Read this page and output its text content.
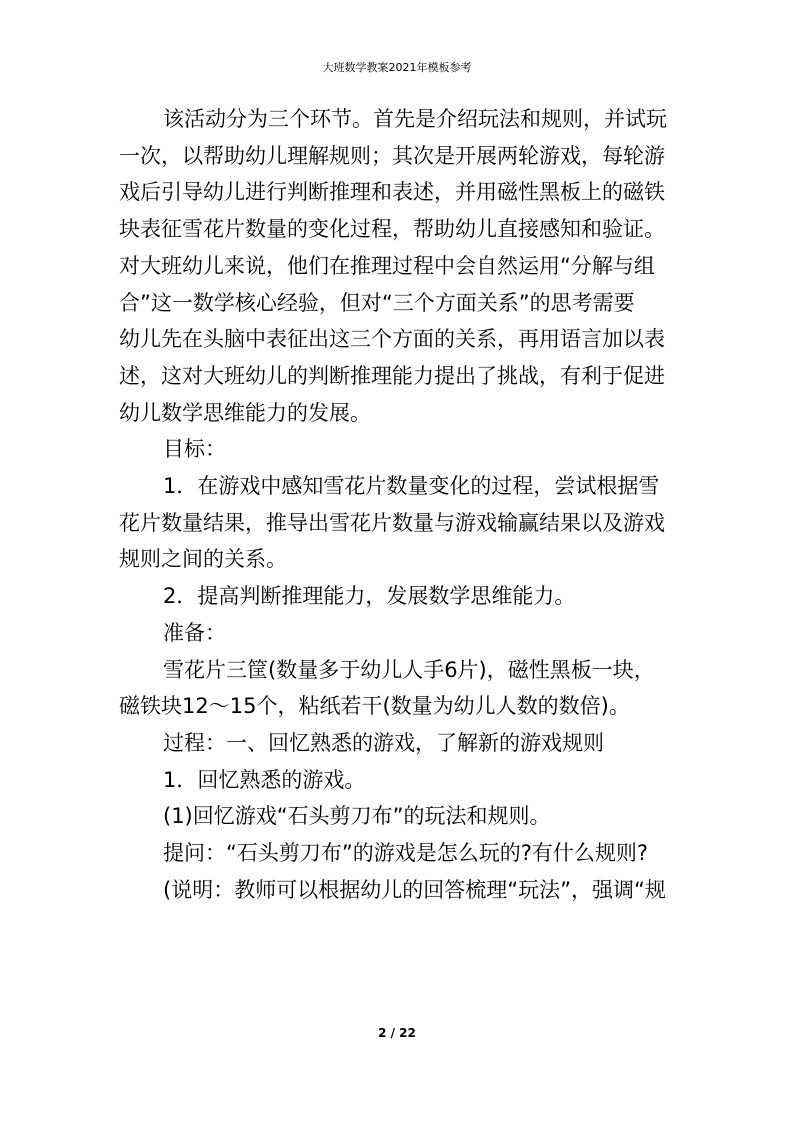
大班数学教案2021年模板参考

该活动分为三个环节。首先是介绍玩法和规则，并试玩
一次，以帮助幼儿理解规则；其次是开展两轮游戏，每轮游
戏后引导幼儿进行判断推理和表述，并用磁性黑板上的磁铁
块表征雪花片数量的变化过程，帮助幼儿直接感知和验证。
对大班幼儿来说，他们在推理过程中会自然运用“分解与组
合”这一数学核心经验，但对“三个方面关系”的思考需要
幼儿先在头脑中表征出这三个方面的关系，再用语言加以表
述，这对大班幼儿的判断推理能力提出了挑战，有利于促进
幼儿数学思维能力的发展。

目标：

1．在游戏中感知雪花片数量变化的过程，尝试根据雪
花片数量结果，推导出雪花片数量与游戏输赢结果以及游戏
规则之间的关系。

2．提高判断推理能力，发展数学思维能力。

准备：

雪花片三筐(数量多于幼儿人手6片)，磁性黑板一块，
磁铁块12～15个，粘纸若干(数量为幼儿人数的数倍)。

过程：一、回忆熟悉的游戏，了解新的游戏规则

1．回忆熟悉的游戏。

(1)回忆游戏“石头剪刀布”的玩法和规则。

提问：“石头剪刀布”的游戏是怎么玩的?有什么规则?

(说明：教师可以根据幼儿的回答梳理“玩法”，强调“规

2 / 22
